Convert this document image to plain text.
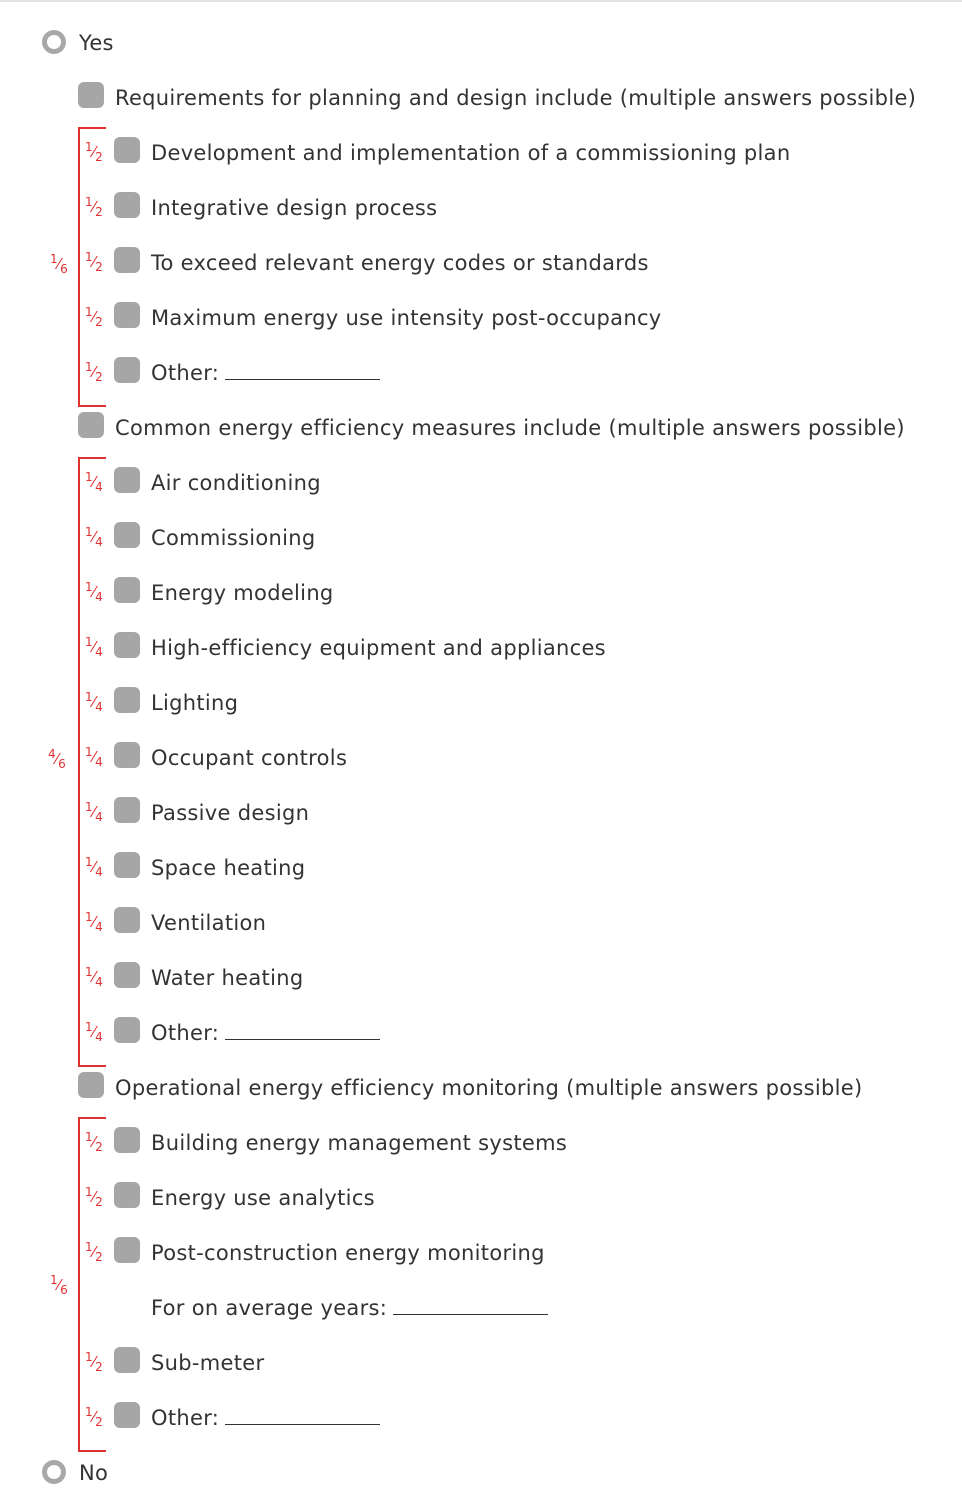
Yes
Requirements for planning and design include (multiple answers possible)
$^1⁄_6$
$^1⁄_2$ Development and implementation of a commissioning plan
$^1⁄_2$ Integrative design process
$^1⁄_2$ To exceed relevant energy codes or standards
$^1⁄_2$ Maximum energy use intensity post-occupancy
$^1⁄_2$ Other:
Common energy efficiency measures include (multiple answers possible)
$^4⁄_6$
$^1⁄_4$ Air conditioning
$^1⁄_4$ Commissioning
$^1⁄_4$ Energy modeling
$^1⁄_4$ High-efficiency equipment and appliances
$^1⁄_4$ Lighting
$^1⁄_4$ Occupant controls
$^1⁄_4$ Passive design
$^1⁄_4$ Space heating
$^1⁄_4$ Ventilation
$^1⁄_4$ Water heating
$^1⁄_4$ Other:
Operational energy efficiency monitoring (multiple answers possible)
$^1⁄_6$
$^1⁄_2$ Building energy management systems
$^1⁄_2$ Energy use analytics
$^1⁄_2$ Post-construction energy monitoring
For on average years:
$^1⁄_2$ Sub-meter
$^1⁄_2$ Other:
No
